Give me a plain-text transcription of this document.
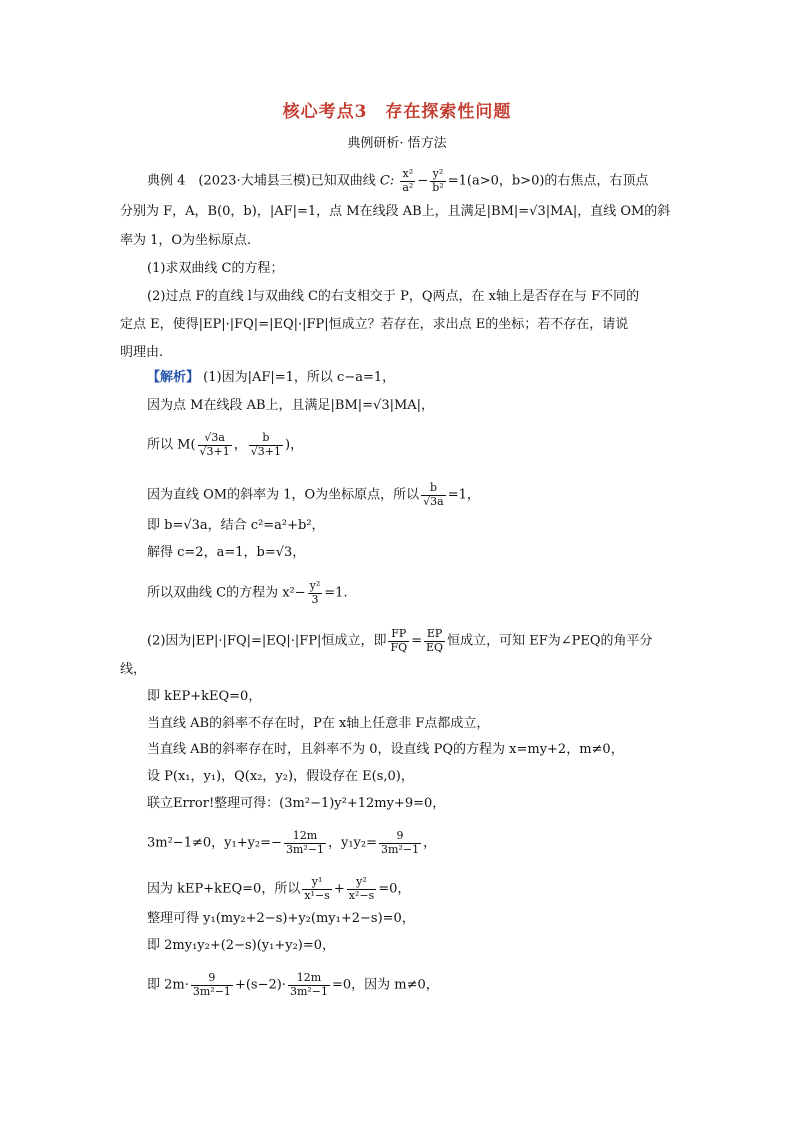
核心考点3　存在探索性问题
典例研析· 悟方法
典例 4　(2023·大埔县三模)已知双曲线 C: $\frac{\text{x²}}{\text{a²}} - \frac{\text{y²}}{\text{b²}} =1(a>0$，b>0)的右焦点，右顶点
分别为 F，A，B(0，b)，|AF|=1，点 M在线段 AB上，且满足|BM|=√3|MA|，直线 OM的斜
率为 1，O为坐标原点.
(1)求双曲线 C的方程；
(2)过点 F的直线 l与双曲线 C的右支相交于 P，Q两点，在 x轴上是否存在与 F不同的
定点 E，使得|EP|·|FQ|=|EQ|·|FP|恒成立？若存在，求出点 E的坐标；若不存在，请说
明理由.
【解析】 (1)因为|AF|=1，所以 c−a=1，
因为点 M在线段 AB上，且满足|BM|=√3|MA|，
所以 $M( \frac{√3a}{√3+1}$ ， $\frac{b}{√3+1}$ )，
因为直线 OM的斜率为 1，O为坐标原点，所以 $\frac{b}{√3a} =1$，
即 b=√3a，结合 c²=a²+b²，
解得 c=2，a=1，b=√3，
所以双曲线 C的方程为 $x^2- \frac{\text{y²}}{3} =1$.
(2)因为|EP|·|FQ|=|EQ|·|FP|恒成立，即 $\frac{FP}{FQ} = \frac{EP}{EQ}$ 恒成立，可知 EF为∠PEQ的角平分
线，
即 kEP+kEQ=0，
当直线 AB的斜率不存在时，P在 x轴上任意非 F点都成立，
当直线 AB的斜率存在时，且斜率不为 0，设直线 PQ的方程为 x=my+2，m≠0，
设 P(x₁，y₁)，Q(x₂，y₂)，假设存在 E(s,0)，
联立Error!整理可得：(3m²−1)y²+12my+9=0，
3m²−1≠0，$y_1+y_2=- \frac{12m}{\text{3m²−1}}$ ，$y_1y_2= \frac{9}{\text{3m²−1}}$ ，
因为 kEP+kEQ=0，所以 $\frac{\text{y¹}}{\text{x¹−s}} + \frac{\text{y²}}{\text{x²−s}} =0$，
整理可得 y₁(my₂+2−s)+y₂(my₁+2−s)=0，
即 2my₁y₂+(2−s)(y₁+y₂)=0，
即 $2m\cdot \frac{9}{\text{3m²−1}} +(s-2)\cdot \frac{12m}{\text{3m²−1}} =0$，因为 m≠0，
